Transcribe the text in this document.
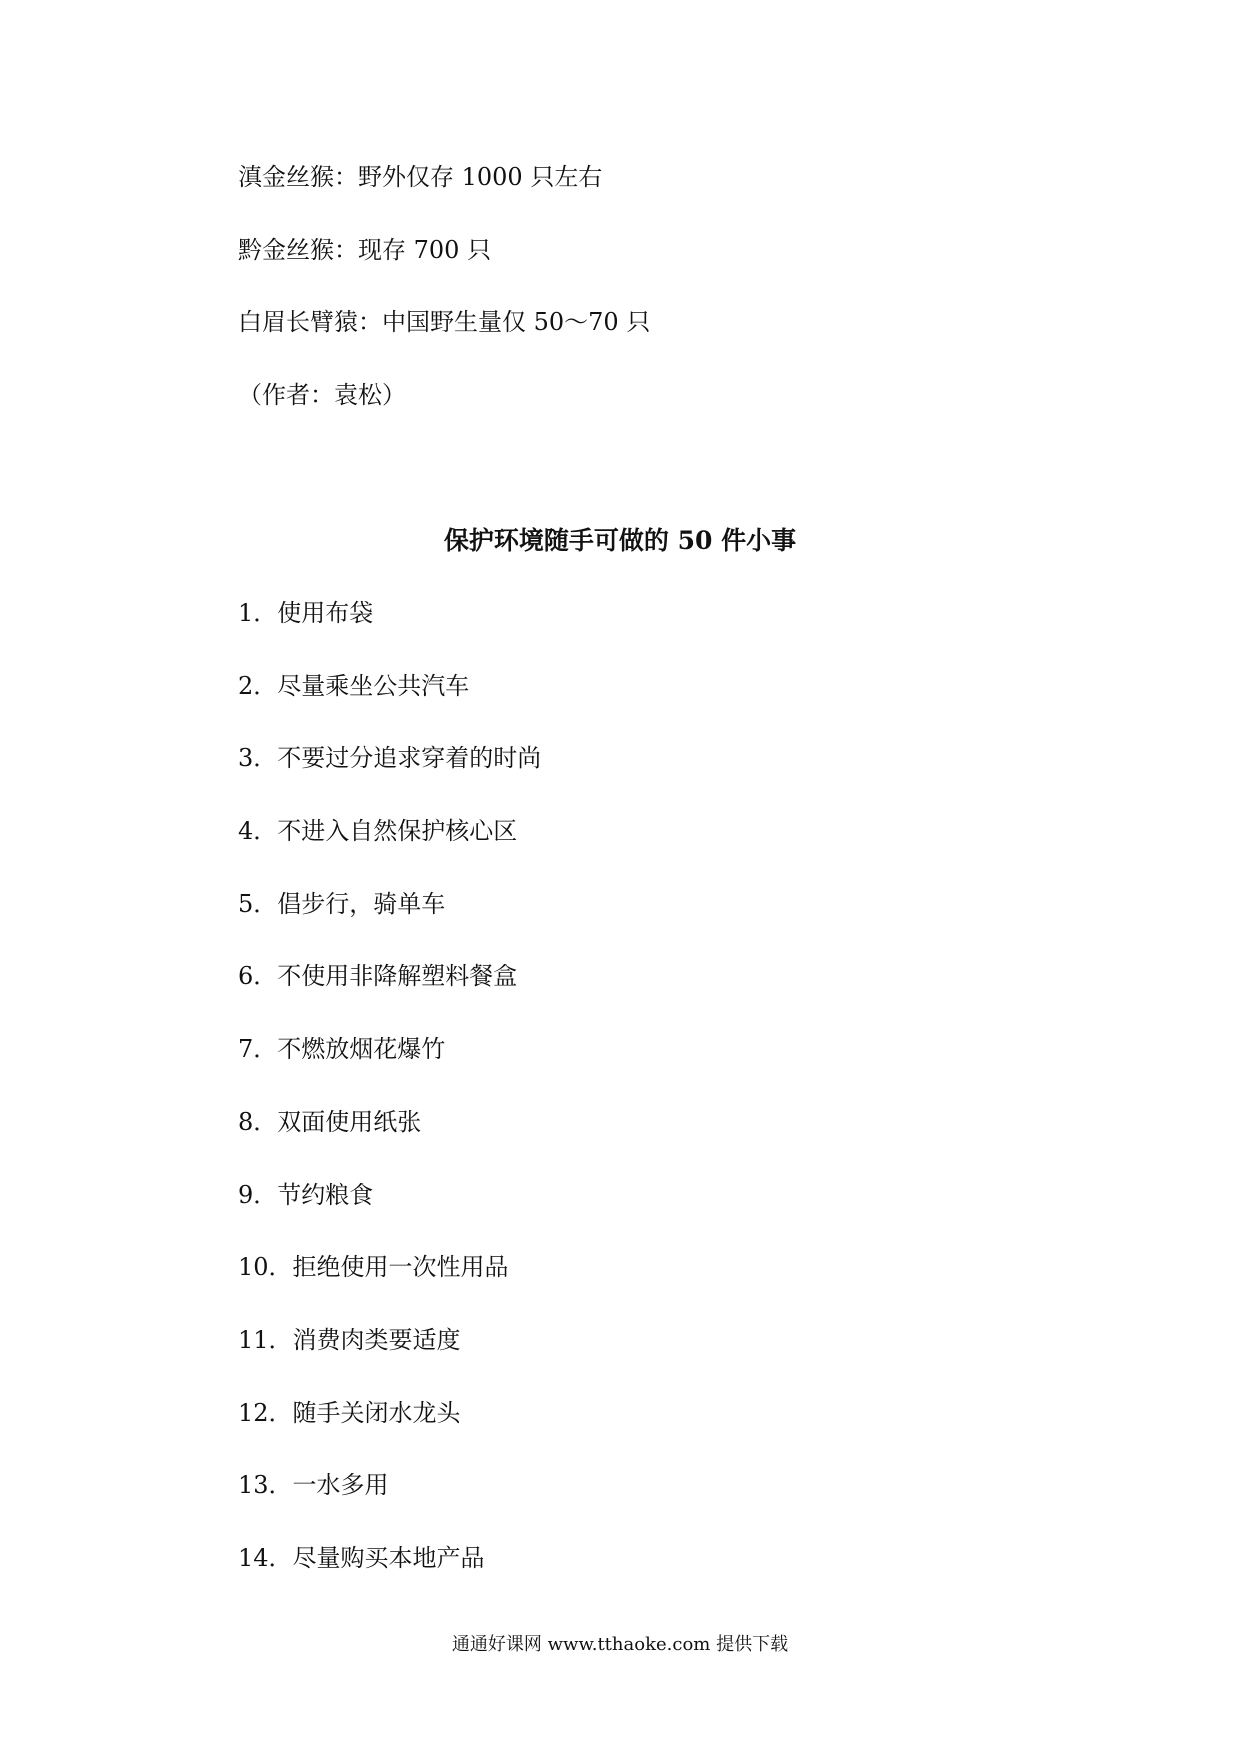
滇金丝猴：野外仅存 1000 只左右
黔金丝猴：现存 700 只
白眉长臂猿：中国野生量仅 50～70 只
（作者：袁松）
保护环境随手可做的 50 件小事
1．使用布袋
2．尽量乘坐公共汽车
3．不要过分追求穿着的时尚
4．不进入自然保护核心区
5．倡步行，骑单车
6．不使用非降解塑料餐盒
7．不燃放烟花爆竹
8．双面使用纸张
9．节约粮食
10．拒绝使用一次性用品
11．消费肉类要适度
12．随手关闭水龙头
13．一水多用
14．尽量购买本地产品
通通好课网 www.tthaoke.com 提供下载
